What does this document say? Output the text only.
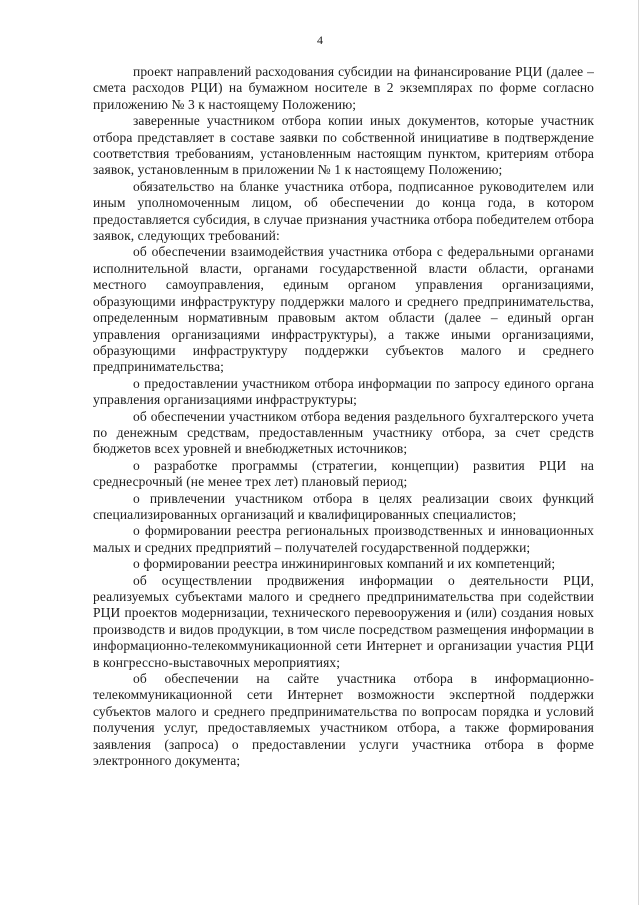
4

проект направлений расходования субсидии на финансирование РЦИ (далее – смета расходов РЦИ) на бумажном носителе в 2 экземплярах по форме согласно приложению № 3 к настоящему Положению;

заверенные участником отбора копии иных документов, которые участник отбора представляет в составе заявки по собственной инициативе в подтверждение соответствия требованиям, установленным настоящим пунктом, критериям отбора заявок, установленным в приложении № 1 к настоящему Положению;

обязательство на бланке участника отбора, подписанное руководителем или иным уполномоченным лицом, об обеспечении до конца года, в котором предоставляется субсидия, в случае признания участника отбора победителем отбора заявок, следующих требований:

об обеспечении взаимодействия участника отбора с федеральными органами исполнительной власти, органами государственной власти области, органами местного самоуправления, единым органом управления организациями, образующими инфраструктуру поддержки малого и среднего предпринимательства, определенным нормативным правовым актом области (далее – единый орган управления организациями инфраструктуры), а также иными организациями, образующими инфраструктуру поддержки субъектов малого и среднего предпринимательства;

о предоставлении участником отбора информации по запросу единого органа управления организациями инфраструктуры;

об обеспечении участником отбора ведения раздельного бухгалтерского учета по денежным средствам, предоставленным участнику отбора, за счет средств бюджетов всех уровней и внебюджетных источников;

о разработке программы (стратегии, концепции) развития РЦИ на среднесрочный (не менее трех лет) плановый период;

о привлечении участником отбора в целях реализации своих функций специализированных организаций и квалифицированных специалистов;

о формировании реестра региональных производственных и инновационных малых и средних предприятий – получателей государственной поддержки;

о формировании реестра инжиниринговых компаний и их компетенций;

об осуществлении продвижения информации о деятельности РЦИ, реализуемых субъектами малого и среднего предпринимательства при содействии РЦИ проектов модернизации, технического перевооружения и (или) создания новых производств и видов продукции, в том числе посредством размещения информации в информационно-телекоммуникационной сети Интернет и организации участия РЦИ в конгрессно-выставочных мероприятиях;

об обеспечении на сайте участника отбора в информационно-телекоммуникационной сети Интернет возможности экспертной поддержки субъектов малого и среднего предпринимательства по вопросам порядка и условий получения услуг, предоставляемых участником отбора, а также формирования заявления (запроса) о предоставлении услуги участника отбора в форме электронного документа;
